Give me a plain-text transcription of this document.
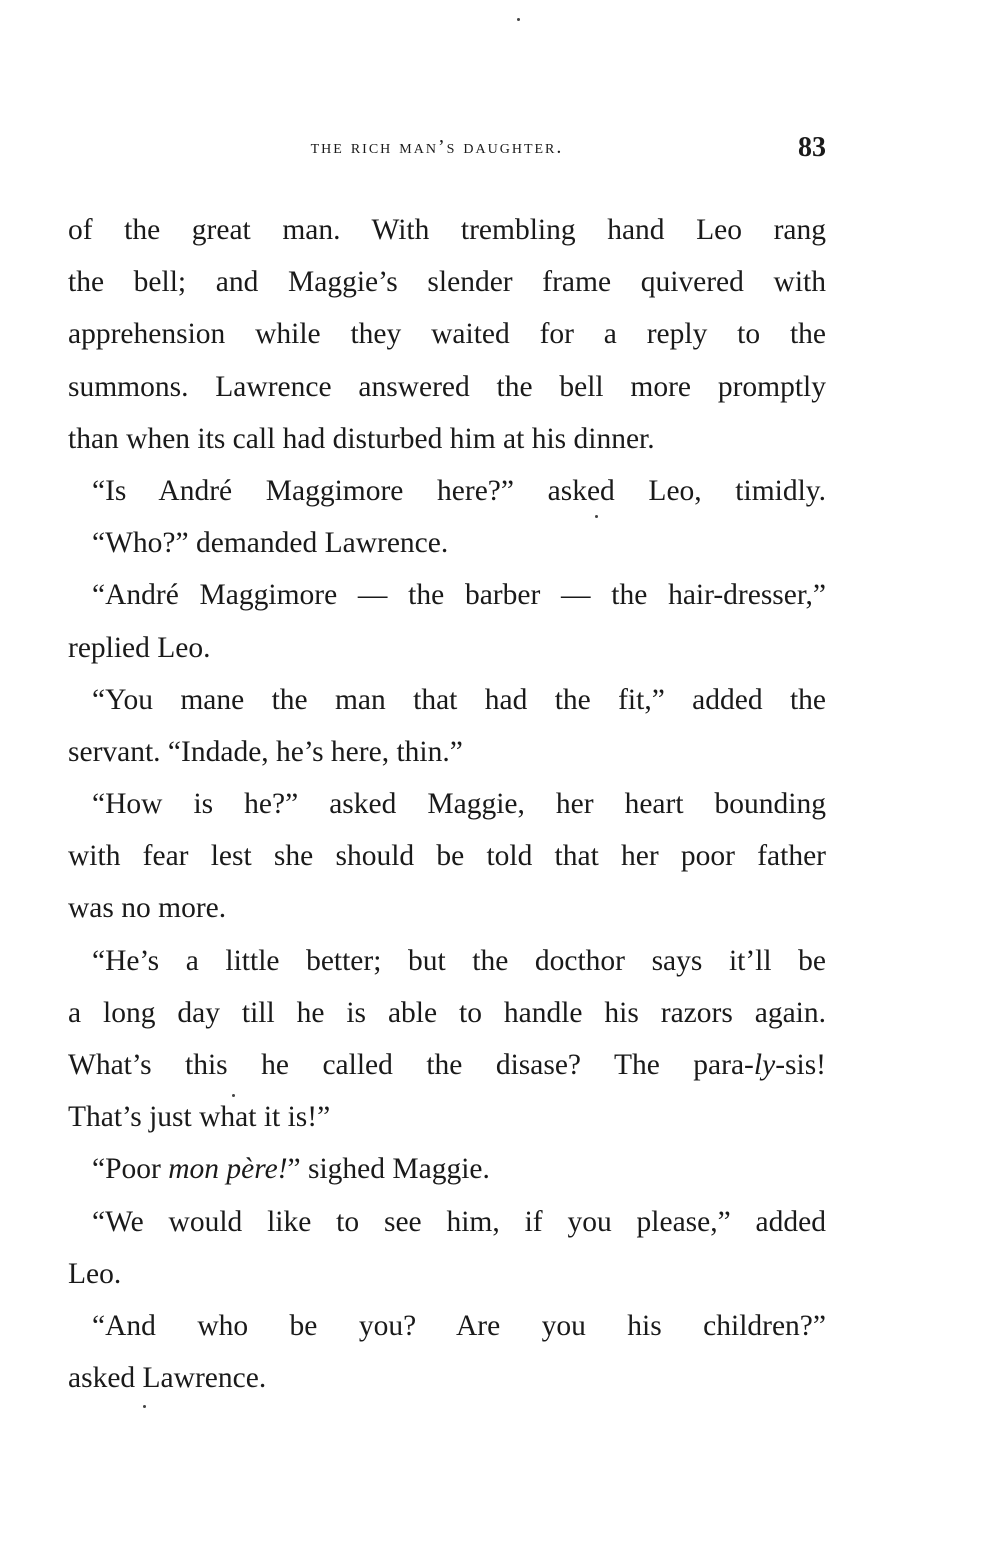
the rich man’s daughter.	83
of the great man. With trembling hand Leo rang
the bell; and Maggie’s slender frame quivered with
apprehension while they waited for a reply to the
summons. Lawrence answered the bell more promptly
than when its call had disturbed him at his dinner.
“Is André Maggimore here?” asked Leo, timidly.
“Who?” demanded Lawrence.
“André Maggimore — the barber — the hair-dresser,”
replied Leo.
“You mane the man that had the fit,” added the
servant. “Indade, he’s here, thin.”
“How is he?” asked Maggie, her heart bounding
with fear lest she should be told that her poor father
was no more.
“He’s a little better; but the docthor says it’ll be
a long day till he is able to handle his razors again.
What’s this he called the disase? The para-ly-sis!
That’s just what it is!”
“Poor mon père!” sighed Maggie.
“We would like to see him, if you please,” added
Leo.
“And who be you? Are you his children?”
asked Lawrence.
